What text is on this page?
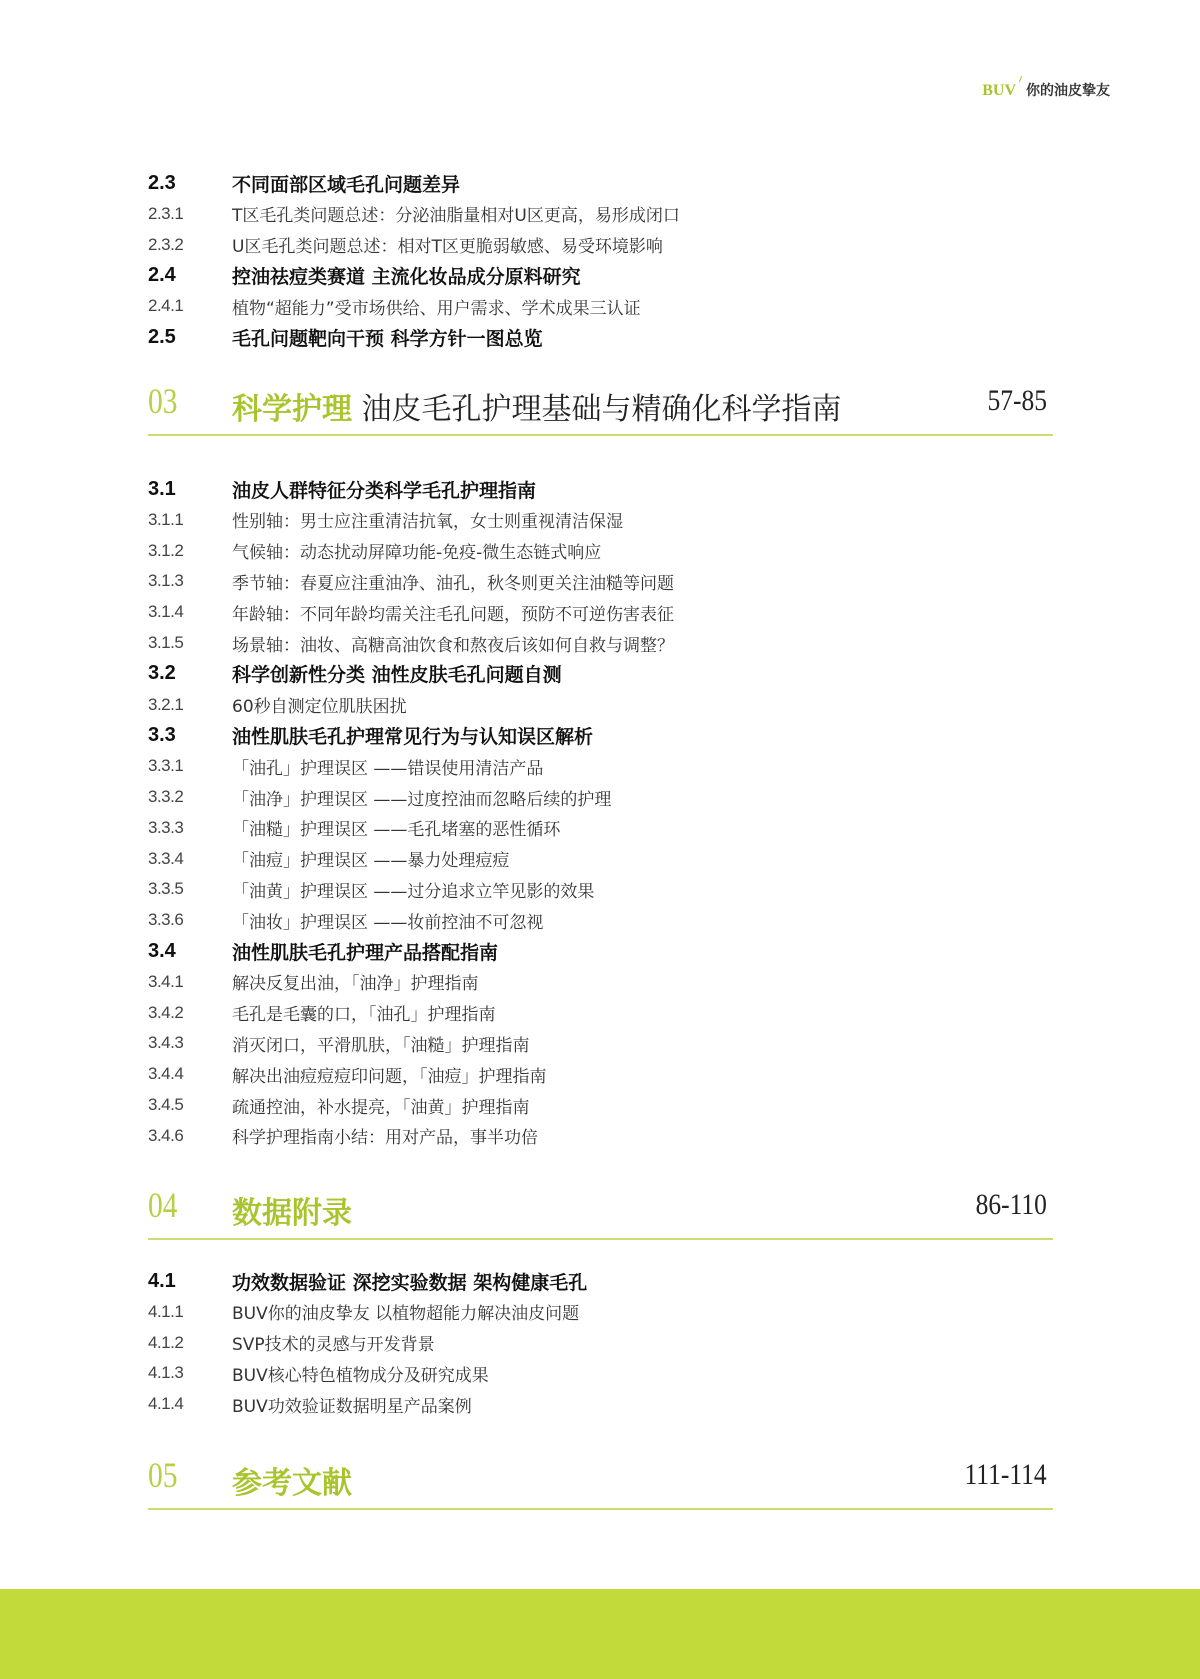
BUV 你的油皮挚友
2.3	不同面部区域毛孔问题差异
2.3.1	T区毛孔类问题总述：分泌油脂量相对U区更高，易形成闭口
2.3.2	U区毛孔类问题总述：相对T区更脆弱敏感、易受环境影响
2.4	控油祛痘类赛道 主流化妆品成分原料研究
2.4.1	植物“超能力”受市场供给、用户需求、学术成果三认证
2.5	毛孔问题靶向干预 科学方针一图总览
03 科学护理 油皮毛孔护理基础与精确化科学指南	57-85
3.1	油皮人群特征分类科学毛孔护理指南
3.1.1	性别轴：男士应注重清洁抗氧，女士则重视清洁保湿
3.1.2	气候轴：动态扰动屏障功能-免疫-微生态链式响应
3.1.3	季节轴：春夏应注重油净、油孔，秋冬则更关注油糙等问题
3.1.4	年龄轴：不同年龄均需关注毛孔问题，预防不可逆伤害表征
3.1.5	场景轴：油妆、高糖高油饮食和熬夜后该如何自救与调整？
3.2	科学创新性分类 油性皮肤毛孔问题自测
3.2.1	60秒自测定位肌肤困扰
3.3	油性肌肤毛孔护理常见行为与认知误区解析
3.3.1	「油孔」护理误区 ——错误使用清洁产品
3.3.2	「油净」护理误区 ——过度控油而忽略后续的护理
3.3.3	「油糙」护理误区 ——毛孔堵塞的恶性循环
3.3.4	「油痘」护理误区 ——暴力处理痘痘
3.3.5	「油黄」护理误区 ——过分追求立竿见影的效果
3.3.6	「油妆」护理误区 ——妆前控油不可忽视
3.4	油性肌肤毛孔护理产品搭配指南
3.4.1	解决反复出油，「油净」护理指南
3.4.2	毛孔是毛囊的口，「油孔」护理指南
3.4.3	消灭闭口，平滑肌肤，「油糙」护理指南
3.4.4	解决出油痘痘痘印问题，「油痘」护理指南
3.4.5	疏通控油，补水提亮，「油黄」护理指南
3.4.6	科学护理指南小结：用对产品，事半功倍
04 数据附录	86-110
4.1	功效数据验证 深挖实验数据 架构健康毛孔
4.1.1	BUV你的油皮挚友 以植物超能力解决油皮问题
4.1.2	SVP技术的灵感与开发背景
4.1.3	BUV核心特色植物成分及研究成果
4.1.4	BUV功效验证数据明星产品案例
05 参考文献	111-114
